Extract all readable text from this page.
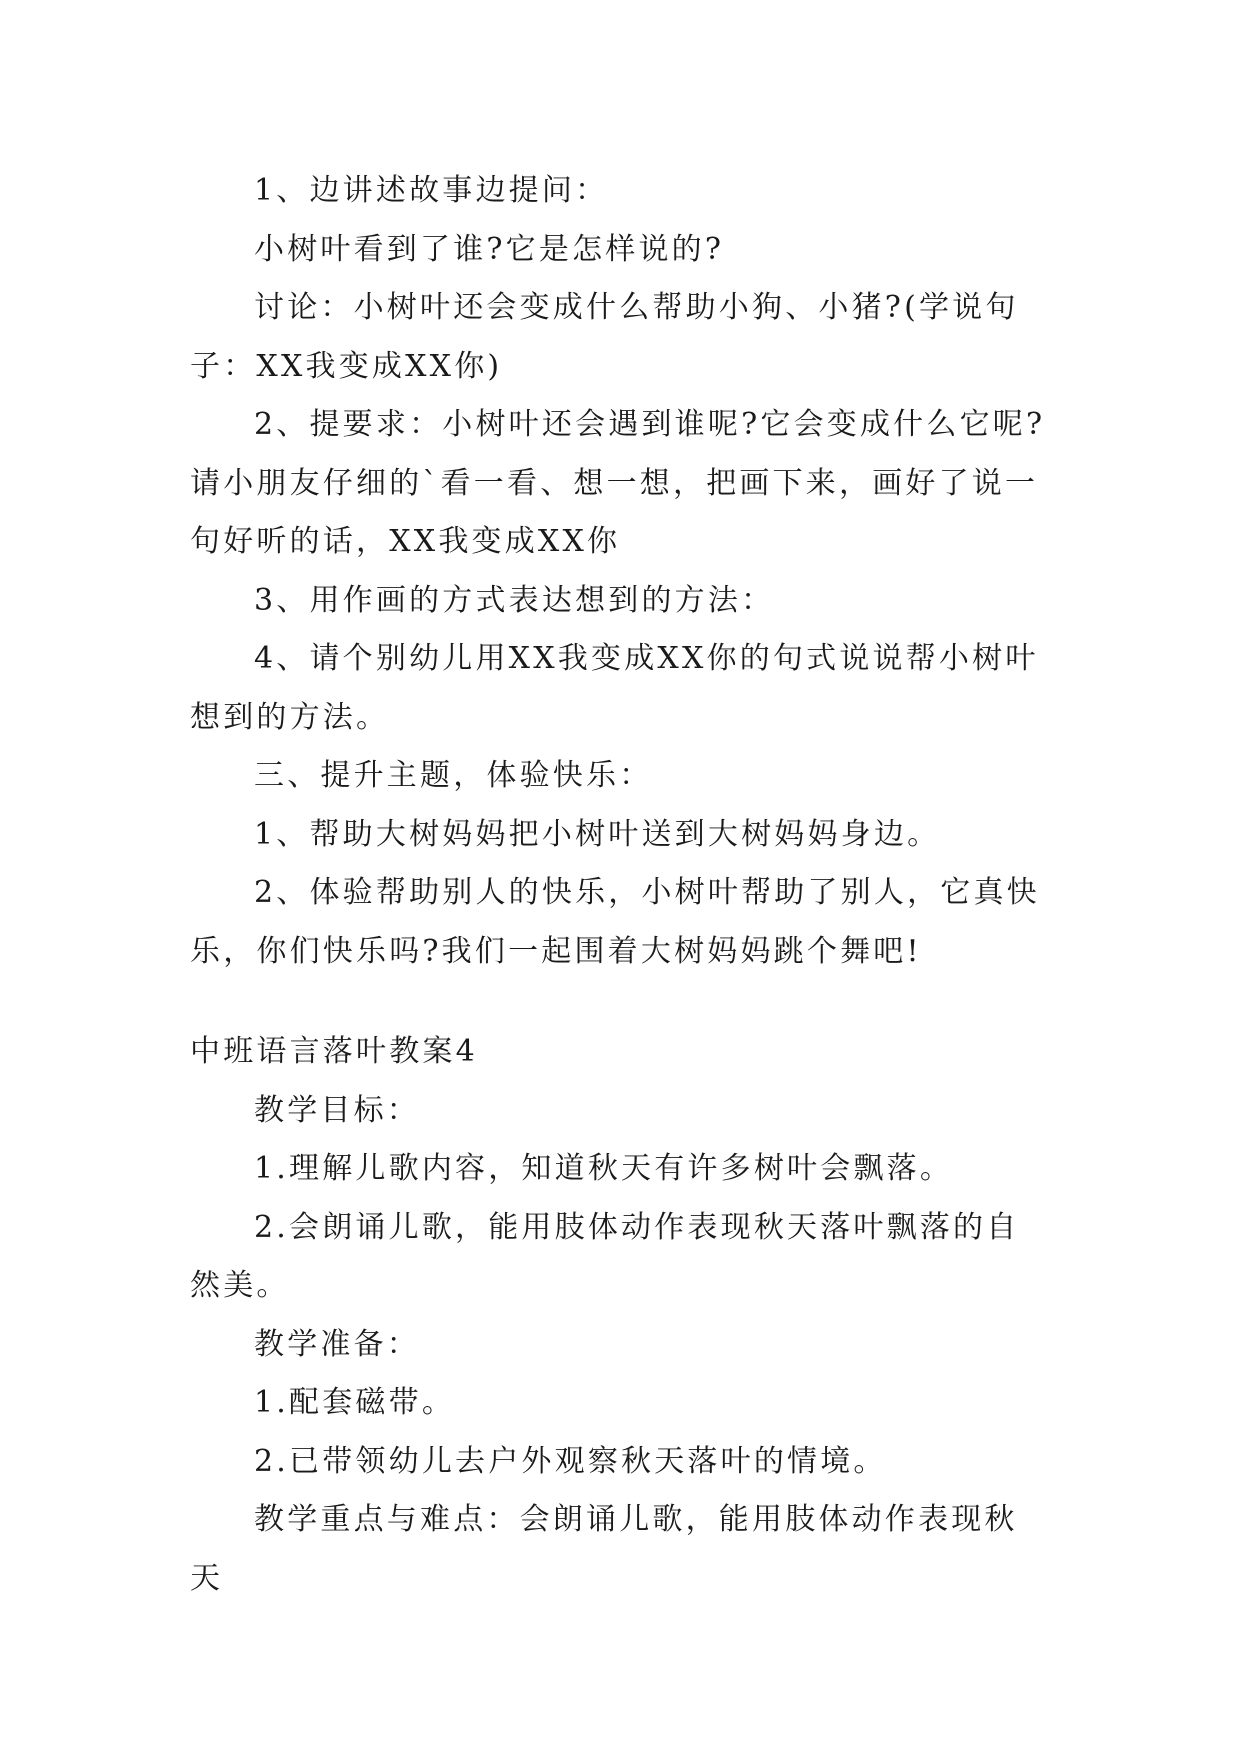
1、边讲述故事边提问：

小树叶看到了谁?它是怎样说的?

讨论：小树叶还会变成什么帮助小狗、小猪?(学说句子：XX我变成XX你)

2、提要求：小树叶还会遇到谁呢?它会变成什么它呢?请小朋友仔细的`看一看、想一想，把画下来，画好了说一句好听的话，XX我变成XX你

3、用作画的方式表达想到的方法：

4、请个别幼儿用XX我变成XX你的句式说说帮小树叶想到的方法。

三、提升主题，体验快乐：

1、帮助大树妈妈把小树叶送到大树妈妈身边。

2、体验帮助别人的快乐，小树叶帮助了别人，它真快乐，你们快乐吗?我们一起围着大树妈妈跳个舞吧!

中班语言落叶教案4

教学目标：

1.理解儿歌内容，知道秋天有许多树叶会飘落。

2.会朗诵儿歌，能用肢体动作表现秋天落叶飘落的自然美。

教学准备：

1.配套磁带。

2.已带领幼儿去户外观察秋天落叶的情境。

教学重点与难点：会朗诵儿歌，能用肢体动作表现秋天
